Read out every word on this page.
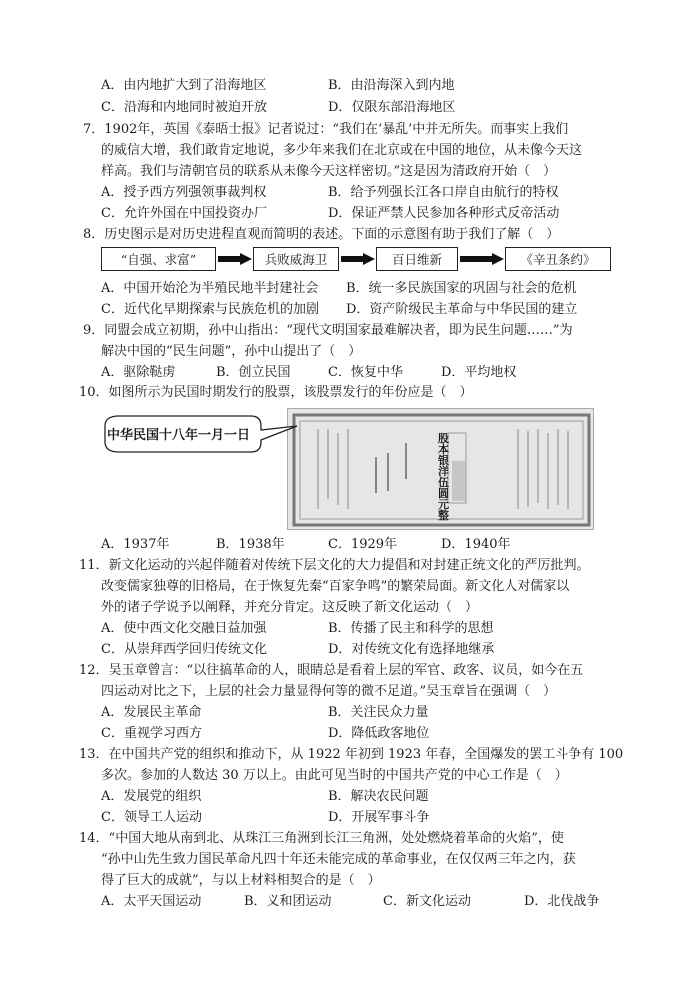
A．由内地扩大到了沿海地区	B．由沿海深入到内地
C．沿海和内地同时被迫开放	D．仅限东部沿海地区
7．1902年，英国《泰晤士报》记者说过：“我们在‘暴乱’中并无所失。而事实上我们
的威信大增，我们敢肯定地说，多少年来我们在北京或在中国的地位，从未像今天这
样高。我们与清朝官员的联系从未像今天这样密切。”这是因为清政府开始（　）
A．授予西方列强领事裁判权	B．给予列强长江各口岸自由航行的特权
C．允许外国在中国投资办厂	D．保证严禁人民参加各种形式反帝活动
8．历史图示是对历史进程直观而简明的表述。下面的示意图有助于我们了解（　）
“自强、求富”	兵败威海卫	百日维新	《辛丑条约》
A．中国开始沦为半殖民地半封建社会 B．统一多民族国家的巩固与社会的危机
C．近代化早期探索与民族危机的加剧 D．资产阶级民主革命与中华民国的建立
9．同盟会成立初期，孙中山指出：“现代文明国家最难解决者，即为民生问题……”为
解决中国的“民生问题”，孙中山提出了（　）
A．驱除鞑虏	B．创立民国	C．恢复中华	D．平均地权
10．如图所示为民国时期发行的股票，该股票发行的年份应是（　）
股本银洋伍圆元整
中华民国十八年一月一日
A．1937年	B．1938年	C．1929年	D．1940年
11．新文化运动的兴起伴随着对传统下层文化的大力提倡和对封建正统文化的严厉批判。
改变儒家独尊的旧格局，在于恢复先秦“百家争鸣”的繁荣局面。新文化人对儒家以
外的诸子学说予以阐释，并充分肯定。这反映了新文化运动（　）
A．使中西文化交融日益加强	B．传播了民主和科学的思想
C．从崇拜西学回归传统文化	D．对传统文化有选择地继承
12．吴玉章曾言：“以往搞革命的人，眼睛总是看着上层的军官、政客、议员，如今在五
四运动对比之下，上层的社会力量显得何等的微不足道。”吴玉章旨在强调（　）
A．发展民主革命	B．关注民众力量
C．重视学习西方	D．降低政客地位
13．在中国共产党的组织和推动下，从 1922 年初到 1923 年春，全国爆发的罢工斗争有 100
多次。参加的人数达 30 万以上。由此可见当时的中国共产党的中心工作是（　）
A．发展党的组织	B．解决农民问题
C．领导工人运动	D．开展军事斗争
14．“中国大地从南到北、从珠江三角洲到长江三角洲，处处燃烧着革命的火焰”，使
“孙中山先生致力国民革命凡四十年还未能完成的革命事业，在仅仅两三年之内，获
得了巨大的成就”，与以上材料相契合的是（　）
A．太平天国运动	B．义和团运动	C．新文化运动	D．北伐战争
